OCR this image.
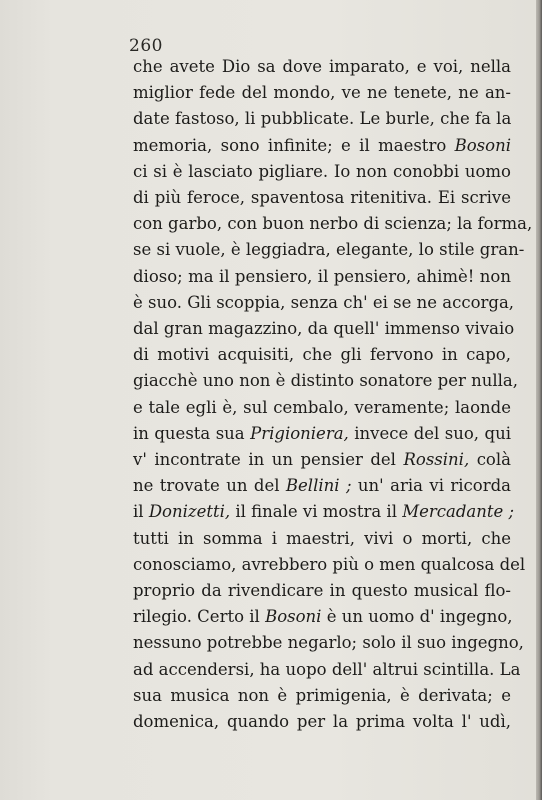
260

che avete Dio sa dove imparato, e voi, nella
miglior fede del mondo, ve ne tenete, ne an-
date fastoso, li pubblicate. Le burle, che fa la
memoria, sono infinite; e il maestro Bosoni
ci si è lasciato pigliare. Io non conobbi uomo
di più feroce, spaventosa ritenitiva. Ei scrive
con garbo, con buon nerbo di scienza; la forma,
se si vuole, è leggiadra, elegante, lo stile gran-
dioso; ma il pensiero, il pensiero, ahimè! non
è suo. Gli scoppia, senza ch' ei se ne accorga,
dal gran magazzino, da quell' immenso vivaio
di motivi acquisiti, che gli fervono in capo,
giacchè uno non è distinto sonatore per nulla,
e tale egli è, sul cembalo, veramente; laonde
in questa sua Prigioniera, invece del suo, qui
v' incontrate in un pensier del Rossini, colà
ne trovate un del Bellini ; un' aria vi ricorda
il Donizetti, il finale vi mostra il Mercadante ;
tutti in somma i maestri, vivi o morti, che
conosciamo, avrebbero più o men qualcosa del
proprio da rivendicare in questo musical flo-
rilegio. Certo il Bosoni è un uomo d' ingegno,
nessuno potrebbe negarlo; solo il suo ingegno,
ad accendersi, ha uopo dell' altrui scintilla. La
sua musica non è primigenia, è derivata; e
domenica, quando per la prima volta l' udì,
